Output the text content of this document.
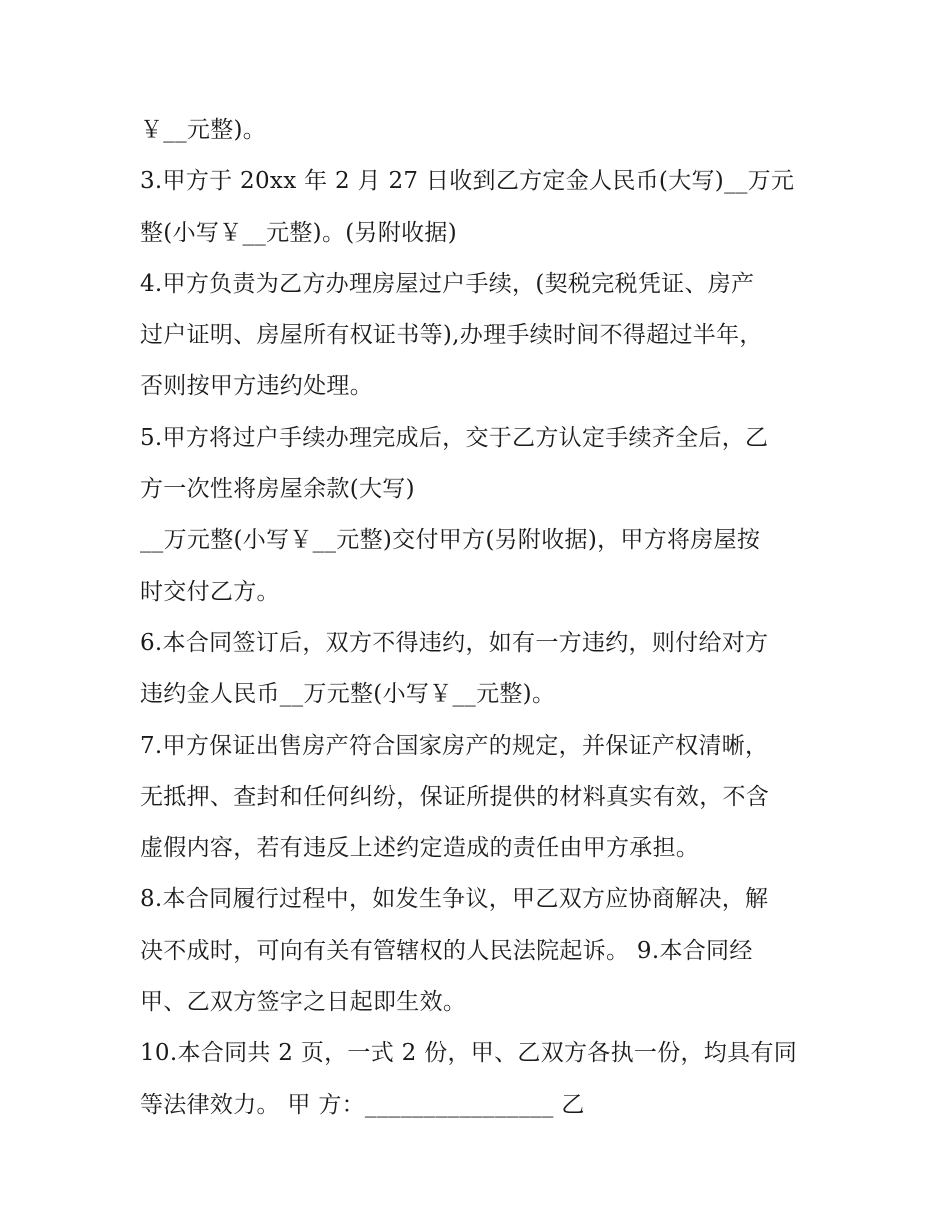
￥__元整)。
3.甲方于 20xx 年 2 月 27 日收到乙方定金人民币(大写)__万元
整(小写￥__元整)。(另附收据)
4.甲方负责为乙方办理房屋过户手续，(契税完税凭证、房产
过户证明、房屋所有权证书等),办理手续时间不得超过半年，
否则按甲方违约处理。
5.甲方将过户手续办理完成后，交于乙方认定手续齐全后，乙
方一次性将房屋余款(大写)
__万元整(小写￥__元整)交付甲方(另附收据)，甲方将房屋按
时交付乙方。
6.本合同签订后，双方不得违约，如有一方违约，则付给对方
违约金人民币__万元整(小写￥__元整)。
7.甲方保证出售房产符合国家房产的规定，并保证产权清晰，
无抵押、查封和任何纠纷，保证所提供的材料真实有效，不含
虚假内容，若有违反上述约定造成的责任由甲方承担。
8.本合同履行过程中，如发生争议，甲乙双方应协商解决，解
决不成时，可向有关有管辖权的人民法院起诉。 9.本合同经
甲、乙双方签字之日起即生效。
10.本合同共 2 页，一式 2 份，甲、乙双方各执一份，均具有同
等法律效力。 甲 方：________________ 乙
